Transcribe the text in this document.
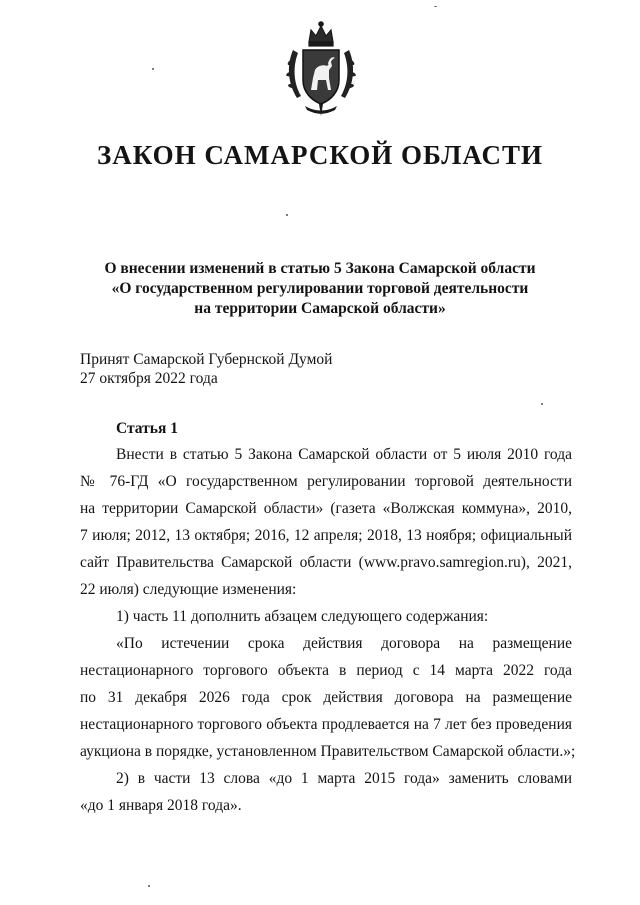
ЗАКОН САМАРСКОЙ ОБЛАСТИ
О внесении изменений в статью 5 Закона Самарской области
«О государственном регулировании торговой деятельности
на территории Самарской области»
Принят Самарской Губернской Думой
27 октября 2022 года
Статья 1
Внести в статью 5 Закона Самарской области от 5 июля 2010 года
№ 76-ГД «О государственном регулировании торговой деятельности
на территории Самарской области» (газета «Волжская коммуна», 2010,
7 июля; 2012, 13 октября; 2016, 12 апреля; 2018, 13 ноября; официальный
сайт Правительства Самарской области (www.pravo.samregion.ru), 2021,
22 июля) следующие изменения:
1) часть 11 дополнить абзацем следующего содержания:
«По истечении срока действия договора на размещение
нестационарного торгового объекта в период с 14 марта 2022 года
по 31 декабря 2026 года срок действия договора на размещение
нестационарного торгового объекта продлевается на 7 лет без проведения
аукциона в порядке, установленном Правительством Самарской области.»;
2) в части 13 слова «до 1 марта 2015 года» заменить словами
«до 1 января 2018 года».
